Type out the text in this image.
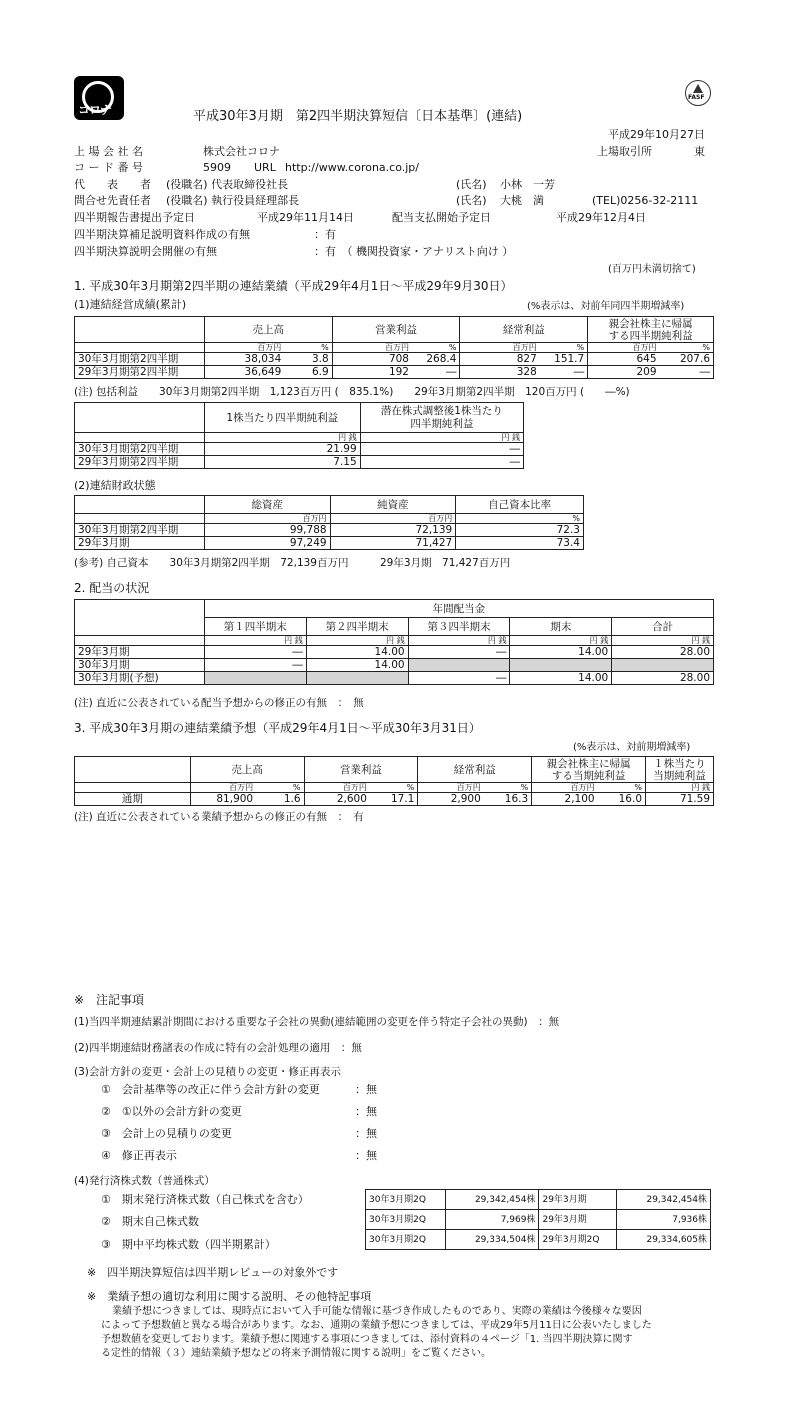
コロナ
FASF
平成30年3月期　第2四半期決算短信〔日本基準〕(連結)
平成29年10月27日
上 場 会 社 名	株式会社コロナ	上場取引所	東
コ ー ド 番 号	5909 URL http://www.corona.co.jp/
代　　表　　者 (役職名) 代表取締役社長	(氏名) 小林　一芳
問合せ先責任者 (役職名) 執行役員経理部長	(氏名) 大桃　満	(TEL)0256-32-2111
四半期報告書提出予定日	平成29年11月14日	配当支払開始予定日	平成29年12月4日
四半期決算補足説明資料作成の有無	：有
四半期決算説明会開催の有無	：有　（ 機関投資家・アナリスト向け ）
(百万円未満切捨て)
1. 平成30年3月期第2四半期の連結業績（平成29年4月1日～平成29年9月30日）
(1)連結経営成績(累計)	(%表示は、対前年同四半期増減率)
	売上高		営業利益		経常利益		親会社株主に帰属
する四半期純利益	
	百万円	%	百万円	%	百万円	%	百万円	%
30年3月期第2四半期	38,034	3.8	708	268.4	827	151.7	645	207.6
29年3月期第2四半期	36,649	6.9	192	―	328	―	209	―
(注) 包括利益　　30年3月期第2四半期　1,123百万円 (　835.1%)　　29年3月期第2四半期　120百万円 (　　―%)
	1株当たり四半期純利益	潜在株式調整後1株当たり
四半期純利益
	円 銭	円 銭
30年3月期第2四半期	21.99	―
29年3月期第2四半期	7.15	―
(2)連結財政状態
	総資産	純資産	自己資本比率
	百万円	百万円	%
30年3月期第2四半期	99,788	72,139	72.3
29年3月期	97,249	71,427	73.4
(参考) 自己資本　　30年3月期第2四半期　72,139百万円　　　29年3月期　71,427百万円
2. 配当の状況
	年間配当金				
	第１四半期末	第２四半期末	第３四半期末	期末	合計
	円 銭	円 銭	円 銭	円 銭	円 銭
29年3月期	―	14.00	―	14.00	28.00
30年3月期	―	14.00			
30年3月期(予想)			―	14.00	28.00
(注) 直近に公表されている配当予想からの修正の有無　：　無
3. 平成30年3月期の連結業績予想（平成29年4月1日～平成30年3月31日）
(%表示は、対前期増減率)
	売上高		営業利益		経常利益		親会社株主に帰属
する当期純利益		１株当たり
当期純利益
	百万円	%	百万円	%	百万円	%	百万円	%	円 銭
通期	81,900	1.6	2,600	17.1	2,900	16.3	2,100	16.0	71.59
(注) 直近に公表されている業績予想からの修正の有無　：　有
※　注記事項
(1)当四半期連結累計期間における重要な子会社の異動(連結範囲の変更を伴う特定子会社の異動)　：無
(2)四半期連結財務諸表の作成に特有の会計処理の適用　：無
(3)会計方針の変更・会計上の見積りの変更・修正再表示
①　会計基準等の改正に伴う会計方針の変更	：無
②　①以外の会計方針の変更	：無
③　会計上の見積りの変更	：無
④　修正再表示	：無
(4)発行済株式数（普通株式）
①　期末発行済株式数（自己株式を含む）
②　期末自己株式数
③　期中平均株式数（四半期累計）
30年3月期2Q	29,342,454株	29年3月期	29,342,454株
30年3月期2Q	7,969株	29年3月期	7,936株
30年3月期2Q	29,334,504株	29年3月期2Q	29,334,605株
※　四半期決算短信は四半期レビューの対象外です
※　業績予想の適切な利用に関する説明、その他特記事項
業績予想につきましては、現時点において入手可能な情報に基づき作成したものであり、実際の業績は今後様々な要因
によって予想数値と異なる場合があります。なお、通期の業績予想につきましては、平成29年5月11日に公表いたしました
予想数値を変更しております。業績予想に関連する事項につきましては、添付資料の４ページ「1. 当四半期決算に関す
る定性的情報（３）連結業績予想などの将来予測情報に関する説明」をご覧ください。
